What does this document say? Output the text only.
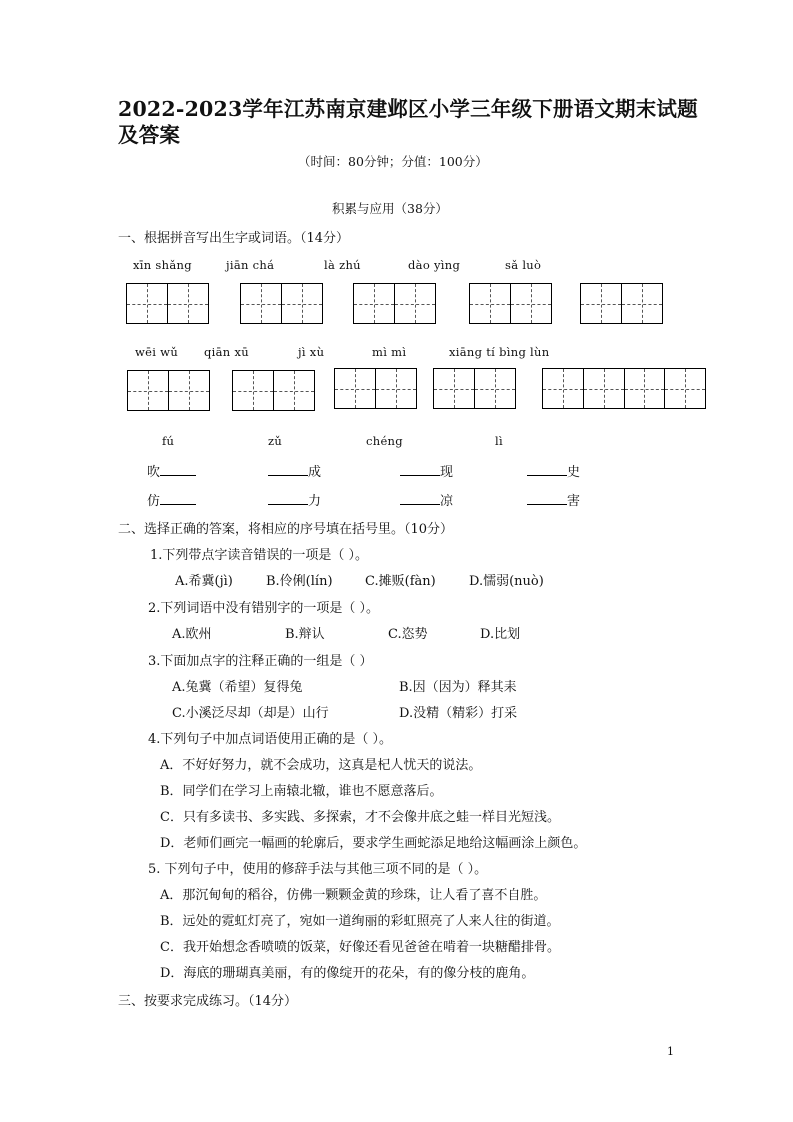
2022-2023学年江苏南京建邺区小学三年级下册语文期末试题及答案
（时间：80分钟；分值：100分）
积累与应用（38分）
一、根据拼音写出生字或词语。（14分）
xīn shǎng	jiān chá	là zhú	dào yìng	sǎ luò
wēi wǔ qiān xū	jì xù	mì mì	xiāng tí bìng lùn
fú	zǔ	chéng	lì
吹	成	现	史
仿	力	凉	害
二、选择正确的答案，将相应的序号填在括号里。（10分）
1.下列带点字读音错误的一项是（ ）。
A.希冀(jì)	B.伶俐(lín) C.摊贩(fàn)	D.懦弱(nuò)
2.下列词语中没有错别字的一项是（ ）。
A.欧州	B.辩认	C.恣势	D.比划
3.下面加点字的注释正确的一组是（ ）
A.兔冀（希望）复得兔	B.因（因为）释其耒
C.小溪泛尽却（却是）山行	D.没精（精彩）打采
4.下列句子中加点词语使用正确的是（ ）。
A．不好好努力，就不会成功，这真是杞人忧天的说法。
B．同学们在学习上南辕北辙，谁也不愿意落后。
C．只有多读书、多实践、多探索，才不会像井底之蛙一样目光短浅。
D．老师们画完一幅画的轮廓后，要求学生画蛇添足地给这幅画涂上颜色。
5. 下列句子中，使用的修辞手法与其他三项不同的是（ ）。
A．那沉甸甸的稻谷，仿佛一颗颗金黄的珍珠，让人看了喜不自胜。
B．远处的霓虹灯亮了，宛如一道绚丽的彩虹照亮了人来人往的街道。
C．我开始想念香喷喷的饭菜，好像还看见爸爸在啃着一块糖醋排骨。
D．海底的珊瑚真美丽，有的像绽开的花朵，有的像分枝的鹿角。
三、按要求完成练习。（14分）
1
